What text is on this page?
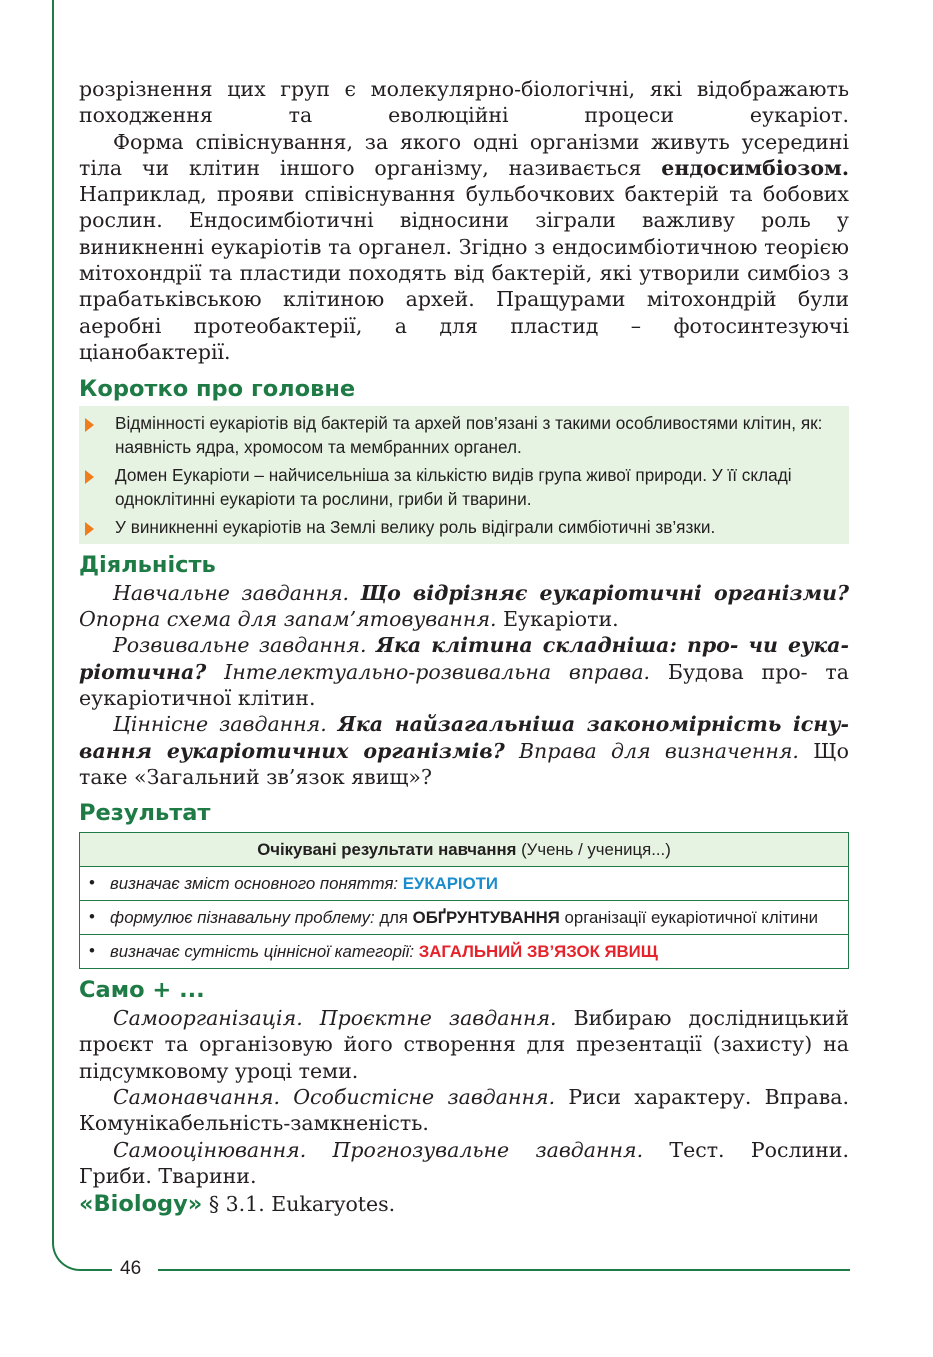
46

розрізнення цих груп є молекулярно-біологічні, які відображають походження та еволюційні процеси еукаріот.

Форма співіснування, за якого одні організми живуть усередині тіла чи клітин іншого організму, називається ендосимбіозом. Наприклад, прояви співіснування бульбочкових бактерій та бобових рослин. Ендосимбіотичні відносини зіграли важливу роль у виникненні еукаріотів та органел. Згідно з ендосимбіотичною теорією мітохондрії та пластиди походять від бактерій, які утворили симбіоз з прабатьківською клітиною архей. Пращурами мітохондрій були аеробні протеобактерії, а для пластид – фотосинтезуючі ціанобактерії.

Коротко про головне
Відмінності еукаріотів від бактерій та архей пов’язані з такими особливостями клітин, як: наявність ядра, хромосом та мембранних органел.
Домен Еукаріоти – найчисельніша за кількістю видів група живої природи. У її складі одноклітинні еукаріоти та рослини, гриби й тварини.
У виникненні еукаріотів на Землі велику роль відіграли симбіотичні зв’язки.
Діяльність

Навчальне завдання. Що відрізняє еукаріотичні організми? Опорна схема для запам’ятовування. Еукаріоти.

Розвивальне завдання. Яка клітина складніша: про- чи еукаріотична? Інтелектуально-розвивальна вправа. Будова про- та еукаріотичної клітин.

Ціннісне завдання. Яка найзагальніша закономірність існування еукаріотичних організмів? Вправа для визначення. Що таке «Загальний зв’язок явищ»?

Результат
Очікувані результати навчання (Учень / учениця...)

• визначає зміст основного поняття: ЕУКАРІОТИ

• формулює пізнавальну проблему: для ОБҐРУНТУВАННЯ організації еукаріотичної клітини

• визначає сутність ціннісної категорії: ЗАГАЛЬНИЙ ЗВ’ЯЗОК ЯВИЩ
Само + ...

Самоорганізація. Проєктне завдання. Вибираю дослідницький проєкт та організовую його створення для презентації (захисту) на підсумковому уроці теми.

Самонавчання. Особистісне завдання. Риси характеру. Вправа. Комунікабельність-замкненість.

Самооцінювання. Прогнозувальне завдання. Тест. Рослини. Гриби. Тварини.

«Biology» § 3.1. Eukaryotes.
